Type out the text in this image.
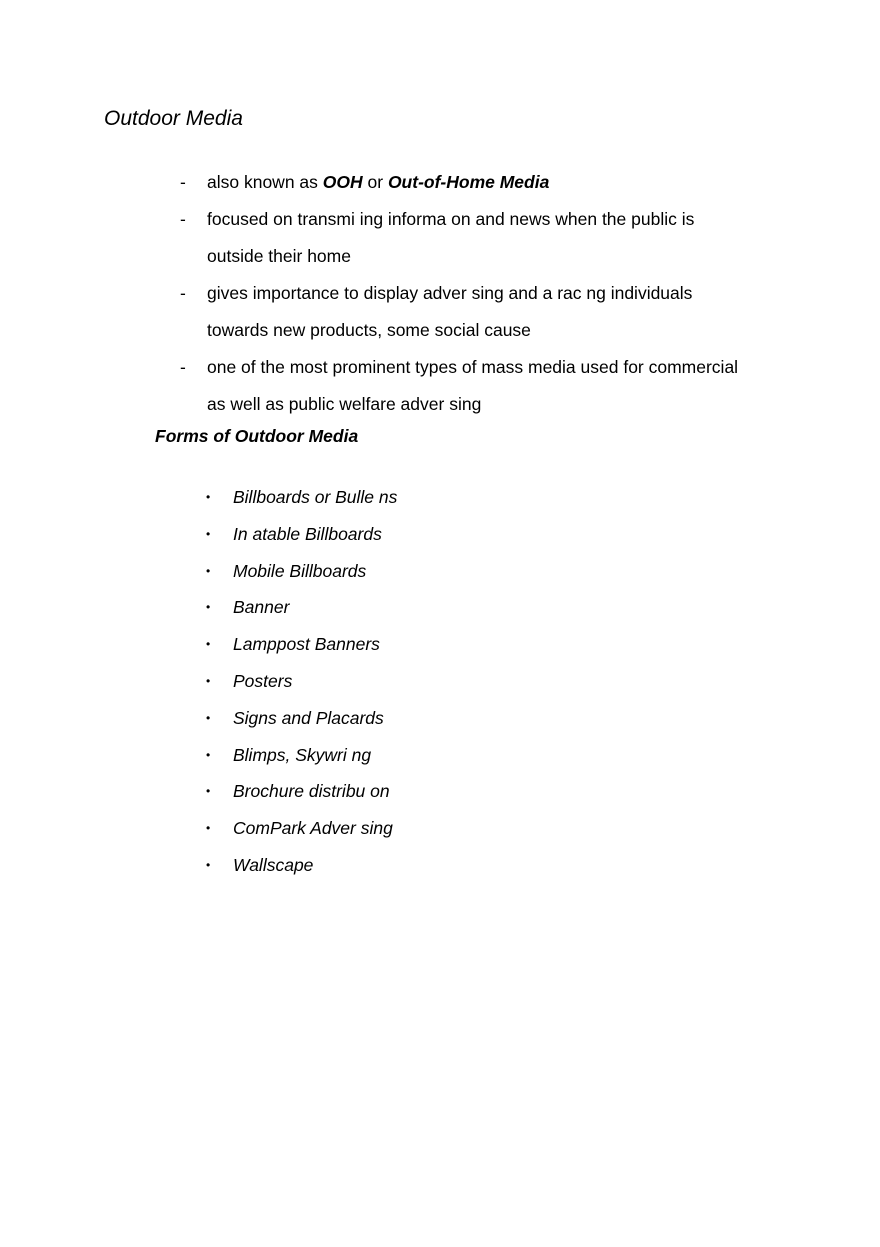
Outdoor Media
- also known as OOH or Out-of-Home Media
- focused on transmi ing informa on and news when the public is
outside their home
- gives importance to display adver sing and a rac ng individuals
towards new products, some social cause
- one of the most prominent types of mass media used for commercial
as well as public welfare adver sing
Forms of Outdoor Media
• Billboards or Bulle ns
• In atable Billboards
• Mobile Billboards
• Banner
• Lamppost Banners
• Posters
• Signs and Placards
• Blimps, Skywri ng
• Brochure distribu on
• ComPark Adver sing
• Wallscape
